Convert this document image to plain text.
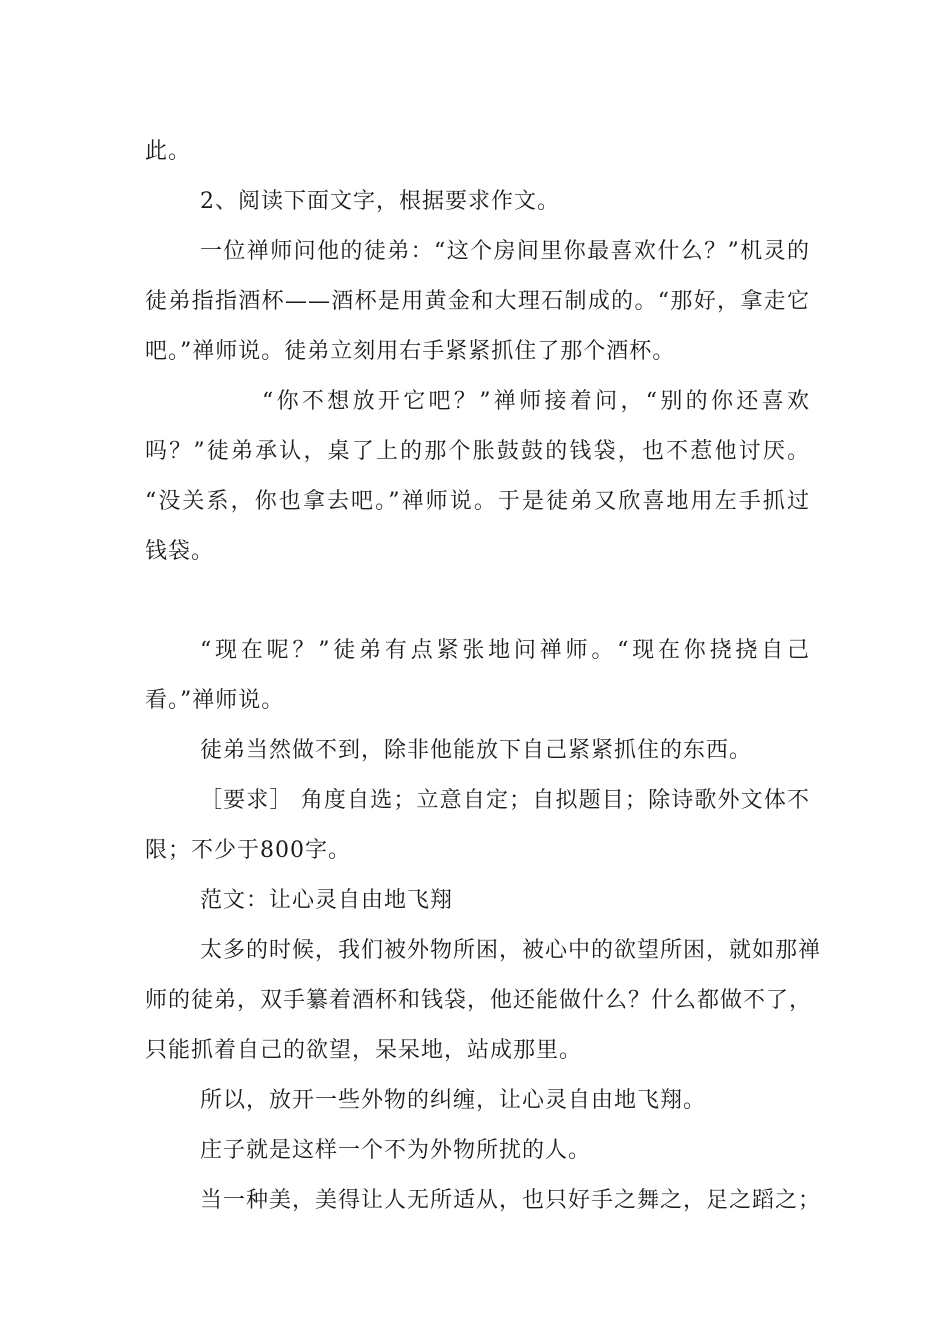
此。
2、阅读下面文字，根据要求作文。
一位禅师问他的徒弟：“这个房间里你最喜欢什么？”机灵的
徒弟指指酒杯——酒杯是用黄金和大理石制成的。“那好，拿走它
吧。”禅师说。徒弟立刻用右手紧紧抓住了那个酒杯。
“你不想放开它吧？”禅师接着问，“别的你还喜欢
吗？”徒弟承认，桌了上的那个胀鼓鼓的钱袋，也不惹他讨厌。
“没关系，你也拿去吧。”禅师说。于是徒弟又欣喜地用左手抓过
钱袋。
“现在呢？”徒弟有点紧张地问禅师。“现在你挠挠自己
看。”禅师说。
徒弟当然做不到，除非他能放下自己紧紧抓住的东西。
［要求］ 角度自选；立意自定；自拟题目；除诗歌外文体不
限；不少于800字。
范文：让心灵自由地飞翔
太多的时候，我们被外物所困，被心中的欲望所困，就如那禅
师的徒弟，双手纂着酒杯和钱袋，他还能做什么？什么都做不了，
只能抓着自己的欲望，呆呆地，站成那里。
所以，放开一些外物的纠缠，让心灵自由地飞翔。
庄子就是这样一个不为外物所扰的人。
当一种美，美得让人无所适从，也只好手之舞之，足之蹈之；
